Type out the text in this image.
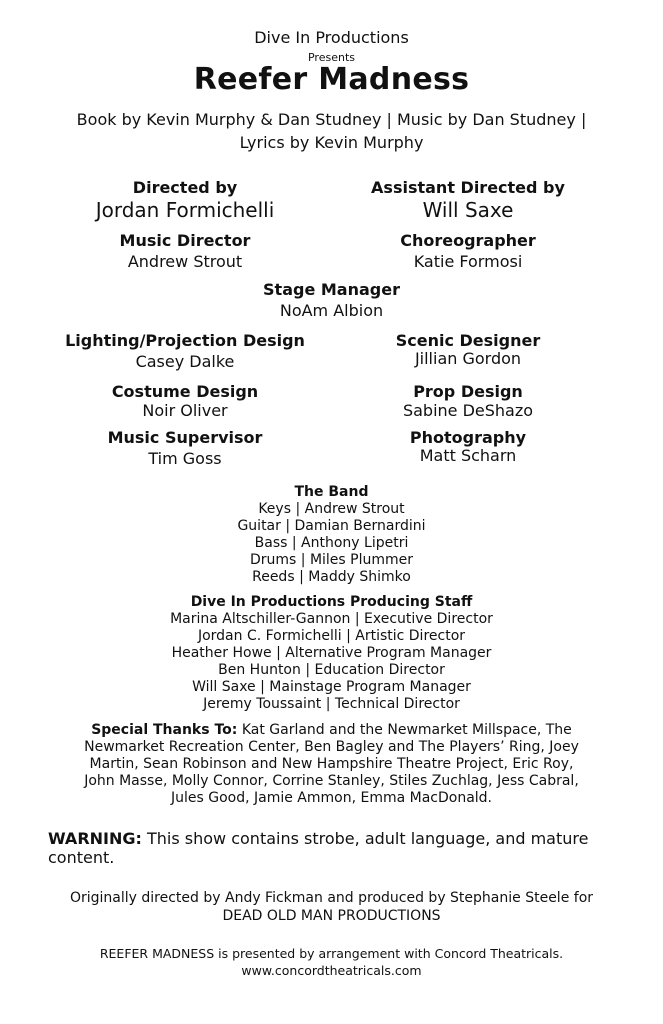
Dive In Productions
Presents
Reefer Madness
Book by Kevin Murphy & Dan Studney | Music by Dan Studney |
Lyrics by Kevin Murphy
Directed by
Jordan Formichelli
Assistant Directed by
Will Saxe
Music Director
Andrew Strout
Choreographer
Katie Formosi
Stage Manager
NoAm Albion
Lighting/Projection Design
Casey Dalke
Scenic Designer
Jillian Gordon
Costume Design
Noir Oliver
Prop Design
Sabine DeShazo
Music Supervisor
Tim Goss
Photography
Matt Scharn
The Band
Keys | Andrew Strout
Guitar | Damian Bernardini
Bass | Anthony Lipetri
Drums | Miles Plummer
Reeds | Maddy Shimko
Dive In Productions Producing Staff
Marina Altschiller-Gannon | Executive Director
Jordan C. Formichelli | Artistic Director
Heather Howe | Alternative Program Manager
Ben Hunton | Education Director
Will Saxe | Mainstage Program Manager
Jeremy Toussaint | Technical Director
Special Thanks To: Kat Garland and the Newmarket Millspace, The
Newmarket Recreation Center, Ben Bagley and The Players’ Ring, Joey
Martin, Sean Robinson and New Hampshire Theatre Project, Eric Roy,
John Masse, Molly Connor, Corrine Stanley, Stiles Zuchlag, Jess Cabral,
Jules Good, Jamie Ammon, Emma MacDonald.
WARNING: This show contains strobe, adult language, and mature content.
Originally directed by Andy Fickman and produced by Stephanie Steele for
DEAD OLD MAN PRODUCTIONS
REEFER MADNESS is presented by arrangement with Concord Theatricals.
www.concordtheatricals.com
